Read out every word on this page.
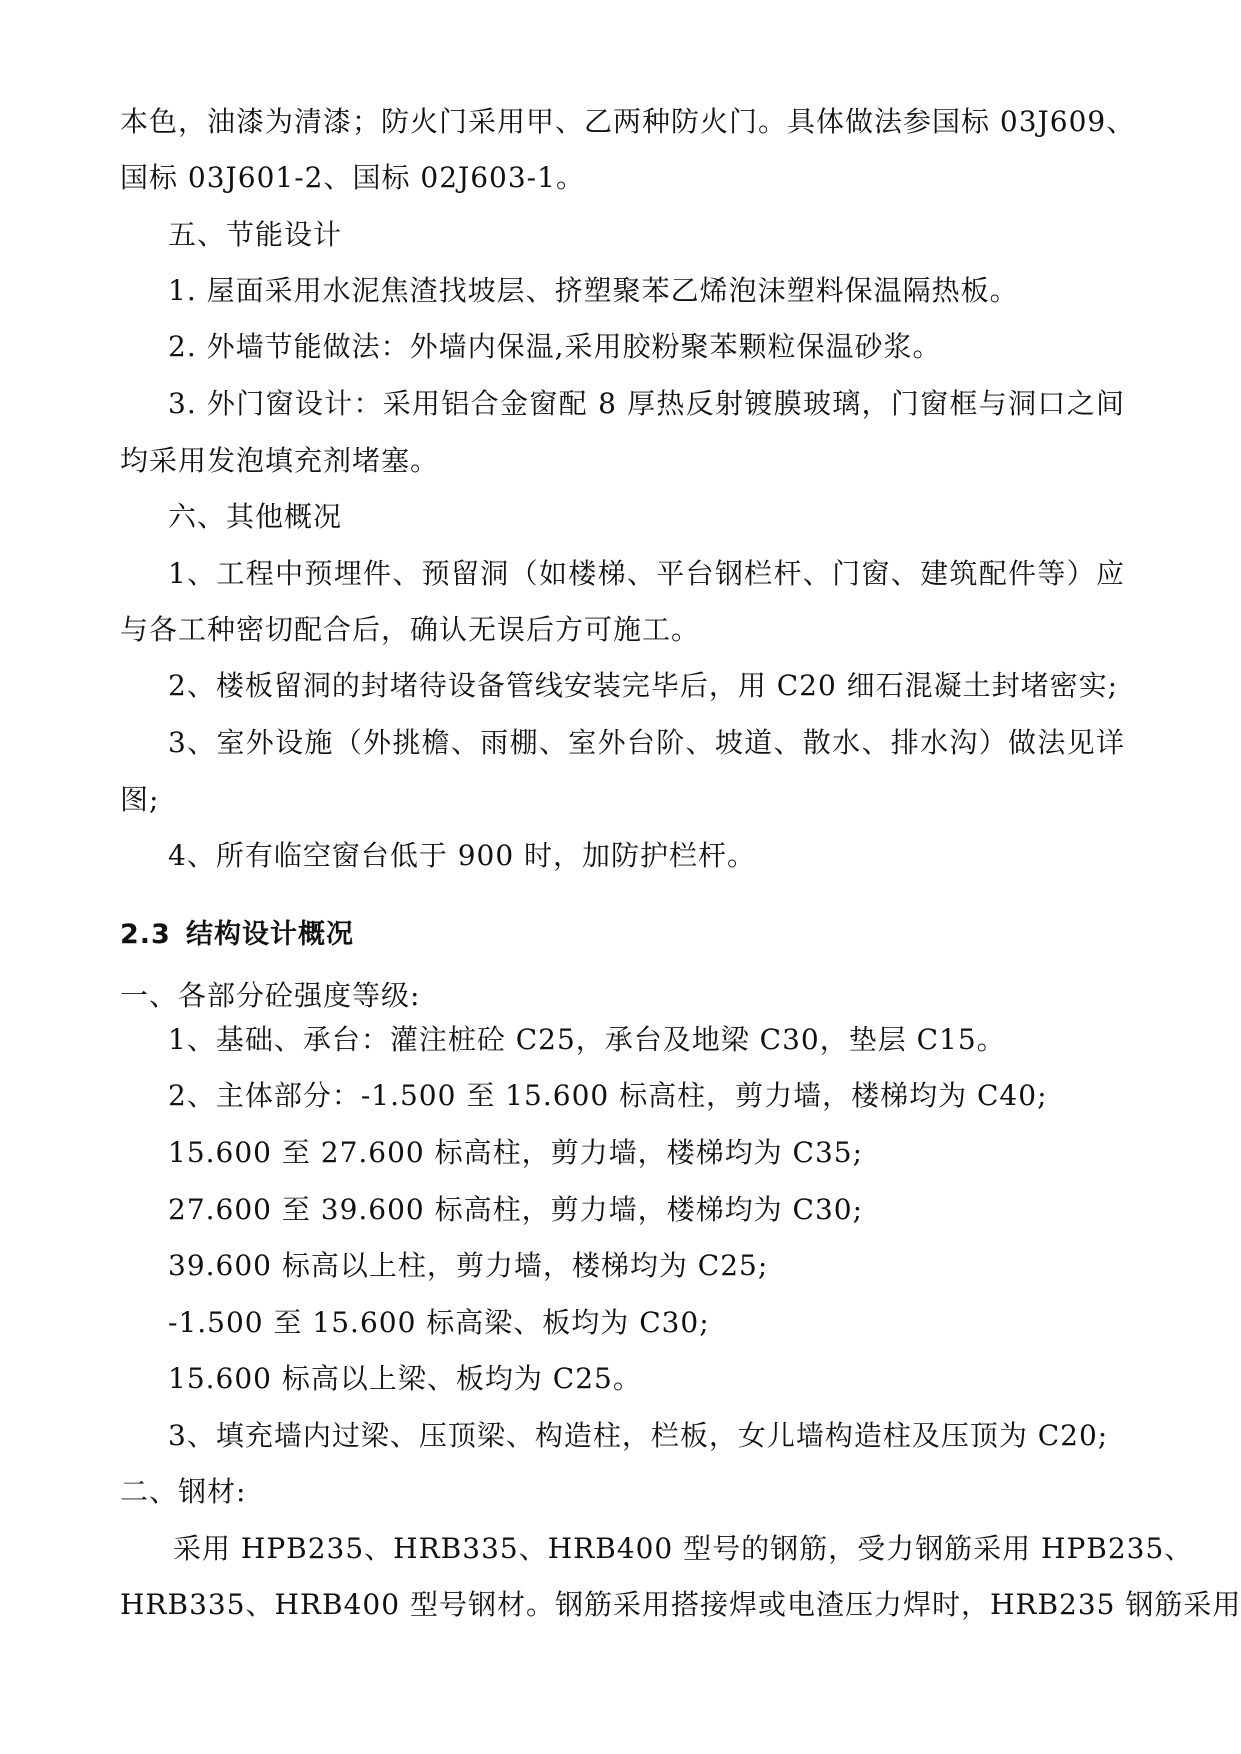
本色，油漆为清漆；防火门采用甲、乙两种防火门。具体做法参国标 03J609、
国标 03J601-2、国标 02J603-1。
五、节能设计
1. 屋面采用水泥焦渣找坡层、挤塑聚苯乙烯泡沫塑料保温隔热板。
2. 外墙节能做法：外墙内保温,采用胶粉聚苯颗粒保温砂浆。
3. 外门窗设计：采用铝合金窗配 8 厚热反射镀膜玻璃，门窗框与洞口之间
均采用发泡填充剂堵塞。
六、其他概况
1、工程中预埋件、预留洞（如楼梯、平台钢栏杆、门窗、建筑配件等）应
与各工种密切配合后，确认无误后方可施工。
2、楼板留洞的封堵待设备管线安装完毕后，用 C20 细石混凝土封堵密实;
3、室外设施（外挑檐、雨棚、室外台阶、坡道、散水、排水沟）做法见详
图;
4、所有临空窗台低于 900 时，加防护栏杆。
2.3 结构设计概况
一、各部分砼强度等级:
1、基础、承台：灌注桩砼 C25，承台及地梁 C30，垫层 C15。
2、主体部分：-1.500 至 15.600 标高柱，剪力墙，楼梯均为 C40;
15.600 至 27.600 标高柱，剪力墙，楼梯均为 C35;
27.600 至 39.600 标高柱，剪力墙，楼梯均为 C30;
39.600 标高以上柱，剪力墙，楼梯均为 C25;
-1.500 至 15.600 标高梁、板均为 C30;
15.600 标高以上梁、板均为 C25。
3、填充墙内过梁、压顶梁、构造柱，栏板，女儿墙构造柱及压顶为 C20;
二、钢材:
采用 HPB235、HRB335、HRB400 型号的钢筋，受力钢筋采用 HPB235、
HRB335、HRB400 型号钢材。钢筋采用搭接焊或电渣压力焊时，HRB235 钢筋采用
